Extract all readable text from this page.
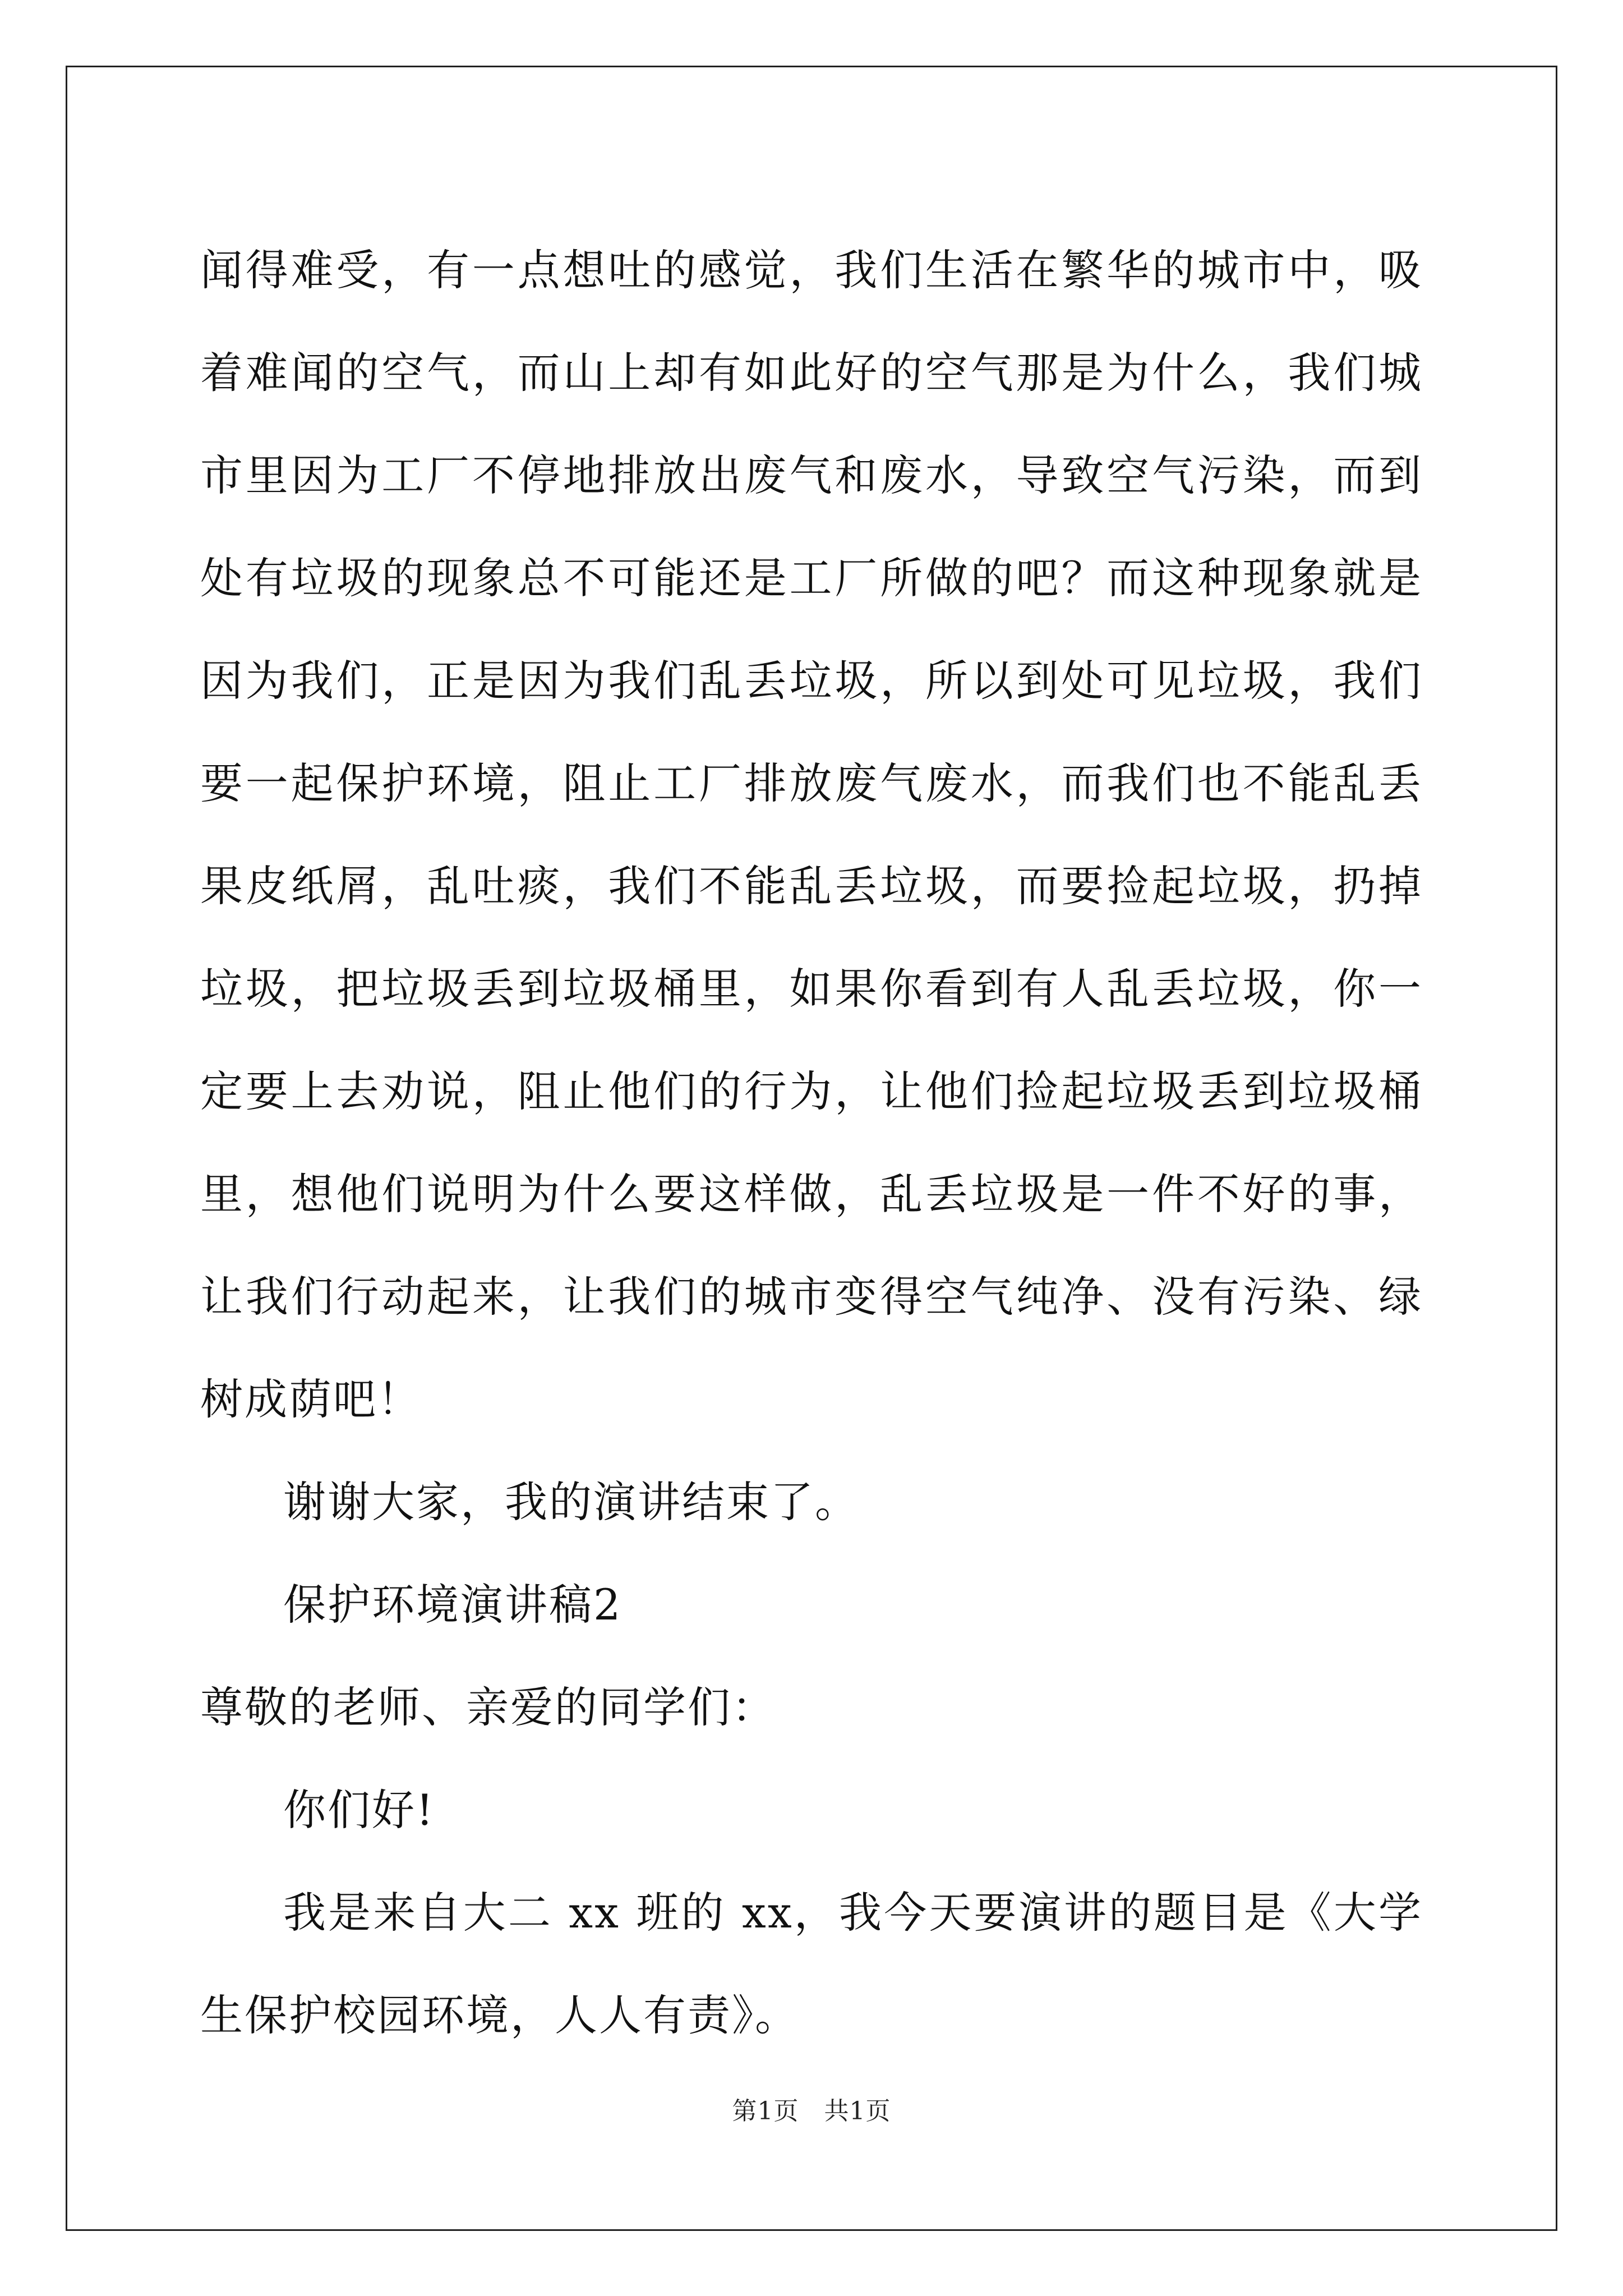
闻得难受，有一点想吐的感觉，我们生活在繁华的城市中，吸着难闻的空气，而山上却有如此好的空气那是为什么，我们城市里因为工厂不停地排放出废气和废水，导致空气污染，而到处有垃圾的现象总不可能还是工厂所做的吧？而这种现象就是因为我们，正是因为我们乱丢垃圾，所以到处可见垃圾，我们要一起保护环境，阻止工厂排放废气废水，而我们也不能乱丢果皮纸屑，乱吐痰，我们不能乱丢垃圾，而要捡起垃圾，扔掉垃圾，把垃圾丢到垃圾桶里，如果你看到有人乱丢垃圾，你一定要上去劝说，阻止他们的行为，让他们捡起垃圾丢到垃圾桶里，想他们说明为什么要这样做，乱丢垃圾是一件不好的事，让我们行动起来，让我们的城市变得空气纯净、没有污染、绿树成荫吧！

谢谢大家，我的演讲结束了。

保护环境演讲稿2

尊敬的老师、亲爱的同学们：

你们好!

我是来自大二 xx 班的 xx，我今天要演讲的题目是《大学生保护校园环境，人人有责》。

第1页　共1页
